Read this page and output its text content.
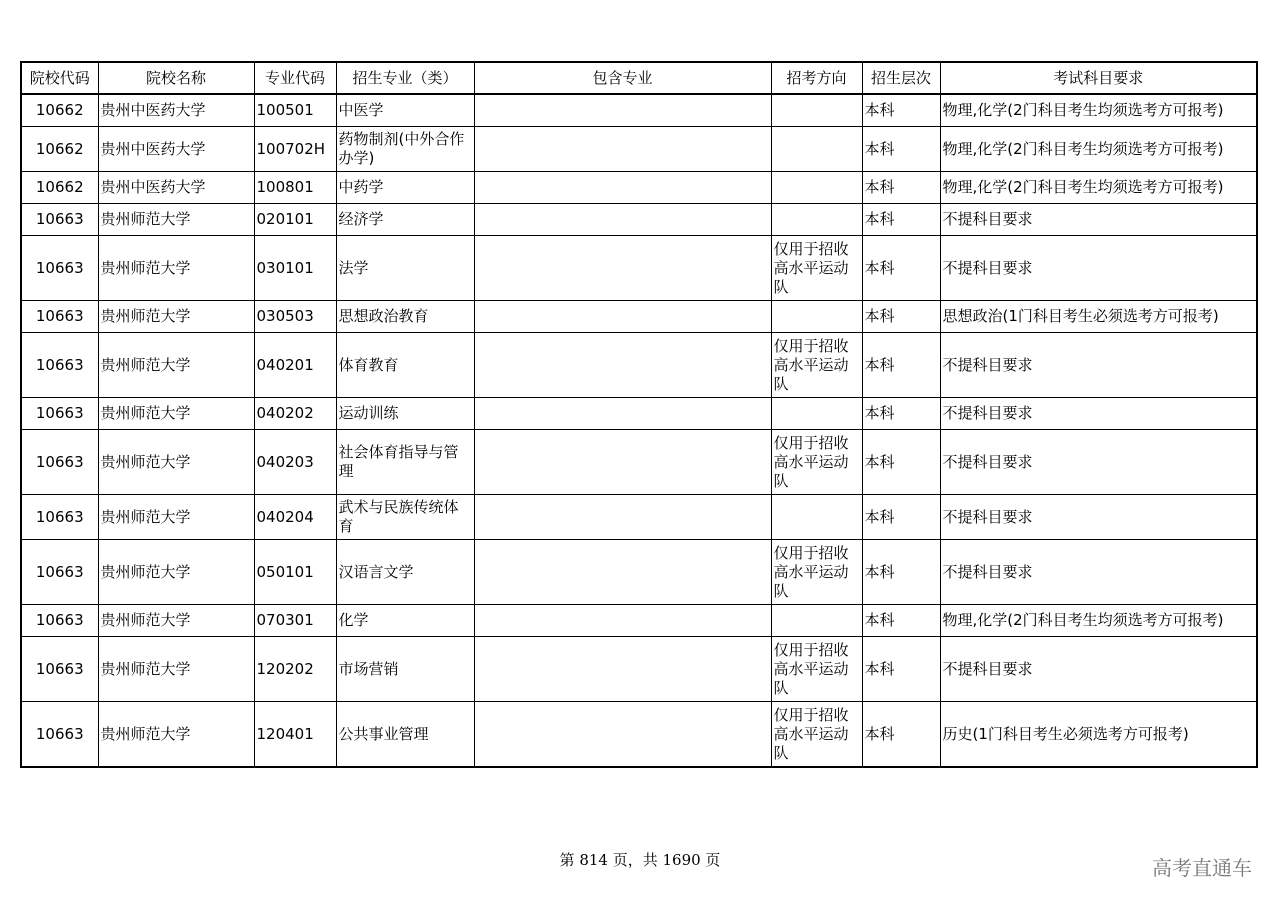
院校代码	院校名称	专业代码	招生专业（类）	包含专业	招考方向	招生层次	考试科目要求
10662	贵州中医药大学	100501	中医学			本科	物理,化学(2门科目考生均须选考方可报考)
10662	贵州中医药大学	100702H	药物制剂(中外合作办学)			本科	物理,化学(2门科目考生均须选考方可报考)
10662	贵州中医药大学	100801	中药学			本科	物理,化学(2门科目考生均须选考方可报考)
10663	贵州师范大学	020101	经济学			本科	不提科目要求
10663	贵州师范大学	030101	法学		仅用于招收高水平运动队	本科	不提科目要求
10663	贵州师范大学	030503	思想政治教育			本科	思想政治(1门科目考生必须选考方可报考)
10663	贵州师范大学	040201	体育教育		仅用于招收高水平运动队	本科	不提科目要求
10663	贵州师范大学	040202	运动训练			本科	不提科目要求
10663	贵州师范大学	040203	社会体育指导与管理		仅用于招收高水平运动队	本科	不提科目要求
10663	贵州师范大学	040204	武术与民族传统体育			本科	不提科目要求
10663	贵州师范大学	050101	汉语言文学		仅用于招收高水平运动队	本科	不提科目要求
10663	贵州师范大学	070301	化学			本科	物理,化学(2门科目考生均须选考方可报考)
10663	贵州师范大学	120202	市场营销		仅用于招收高水平运动队	本科	不提科目要求
10663	贵州师范大学	120401	公共事业管理		仅用于招收高水平运动队	本科	历史(1门科目考生必须选考方可报考)
第 814 页，共 1690 页	高考直通车
